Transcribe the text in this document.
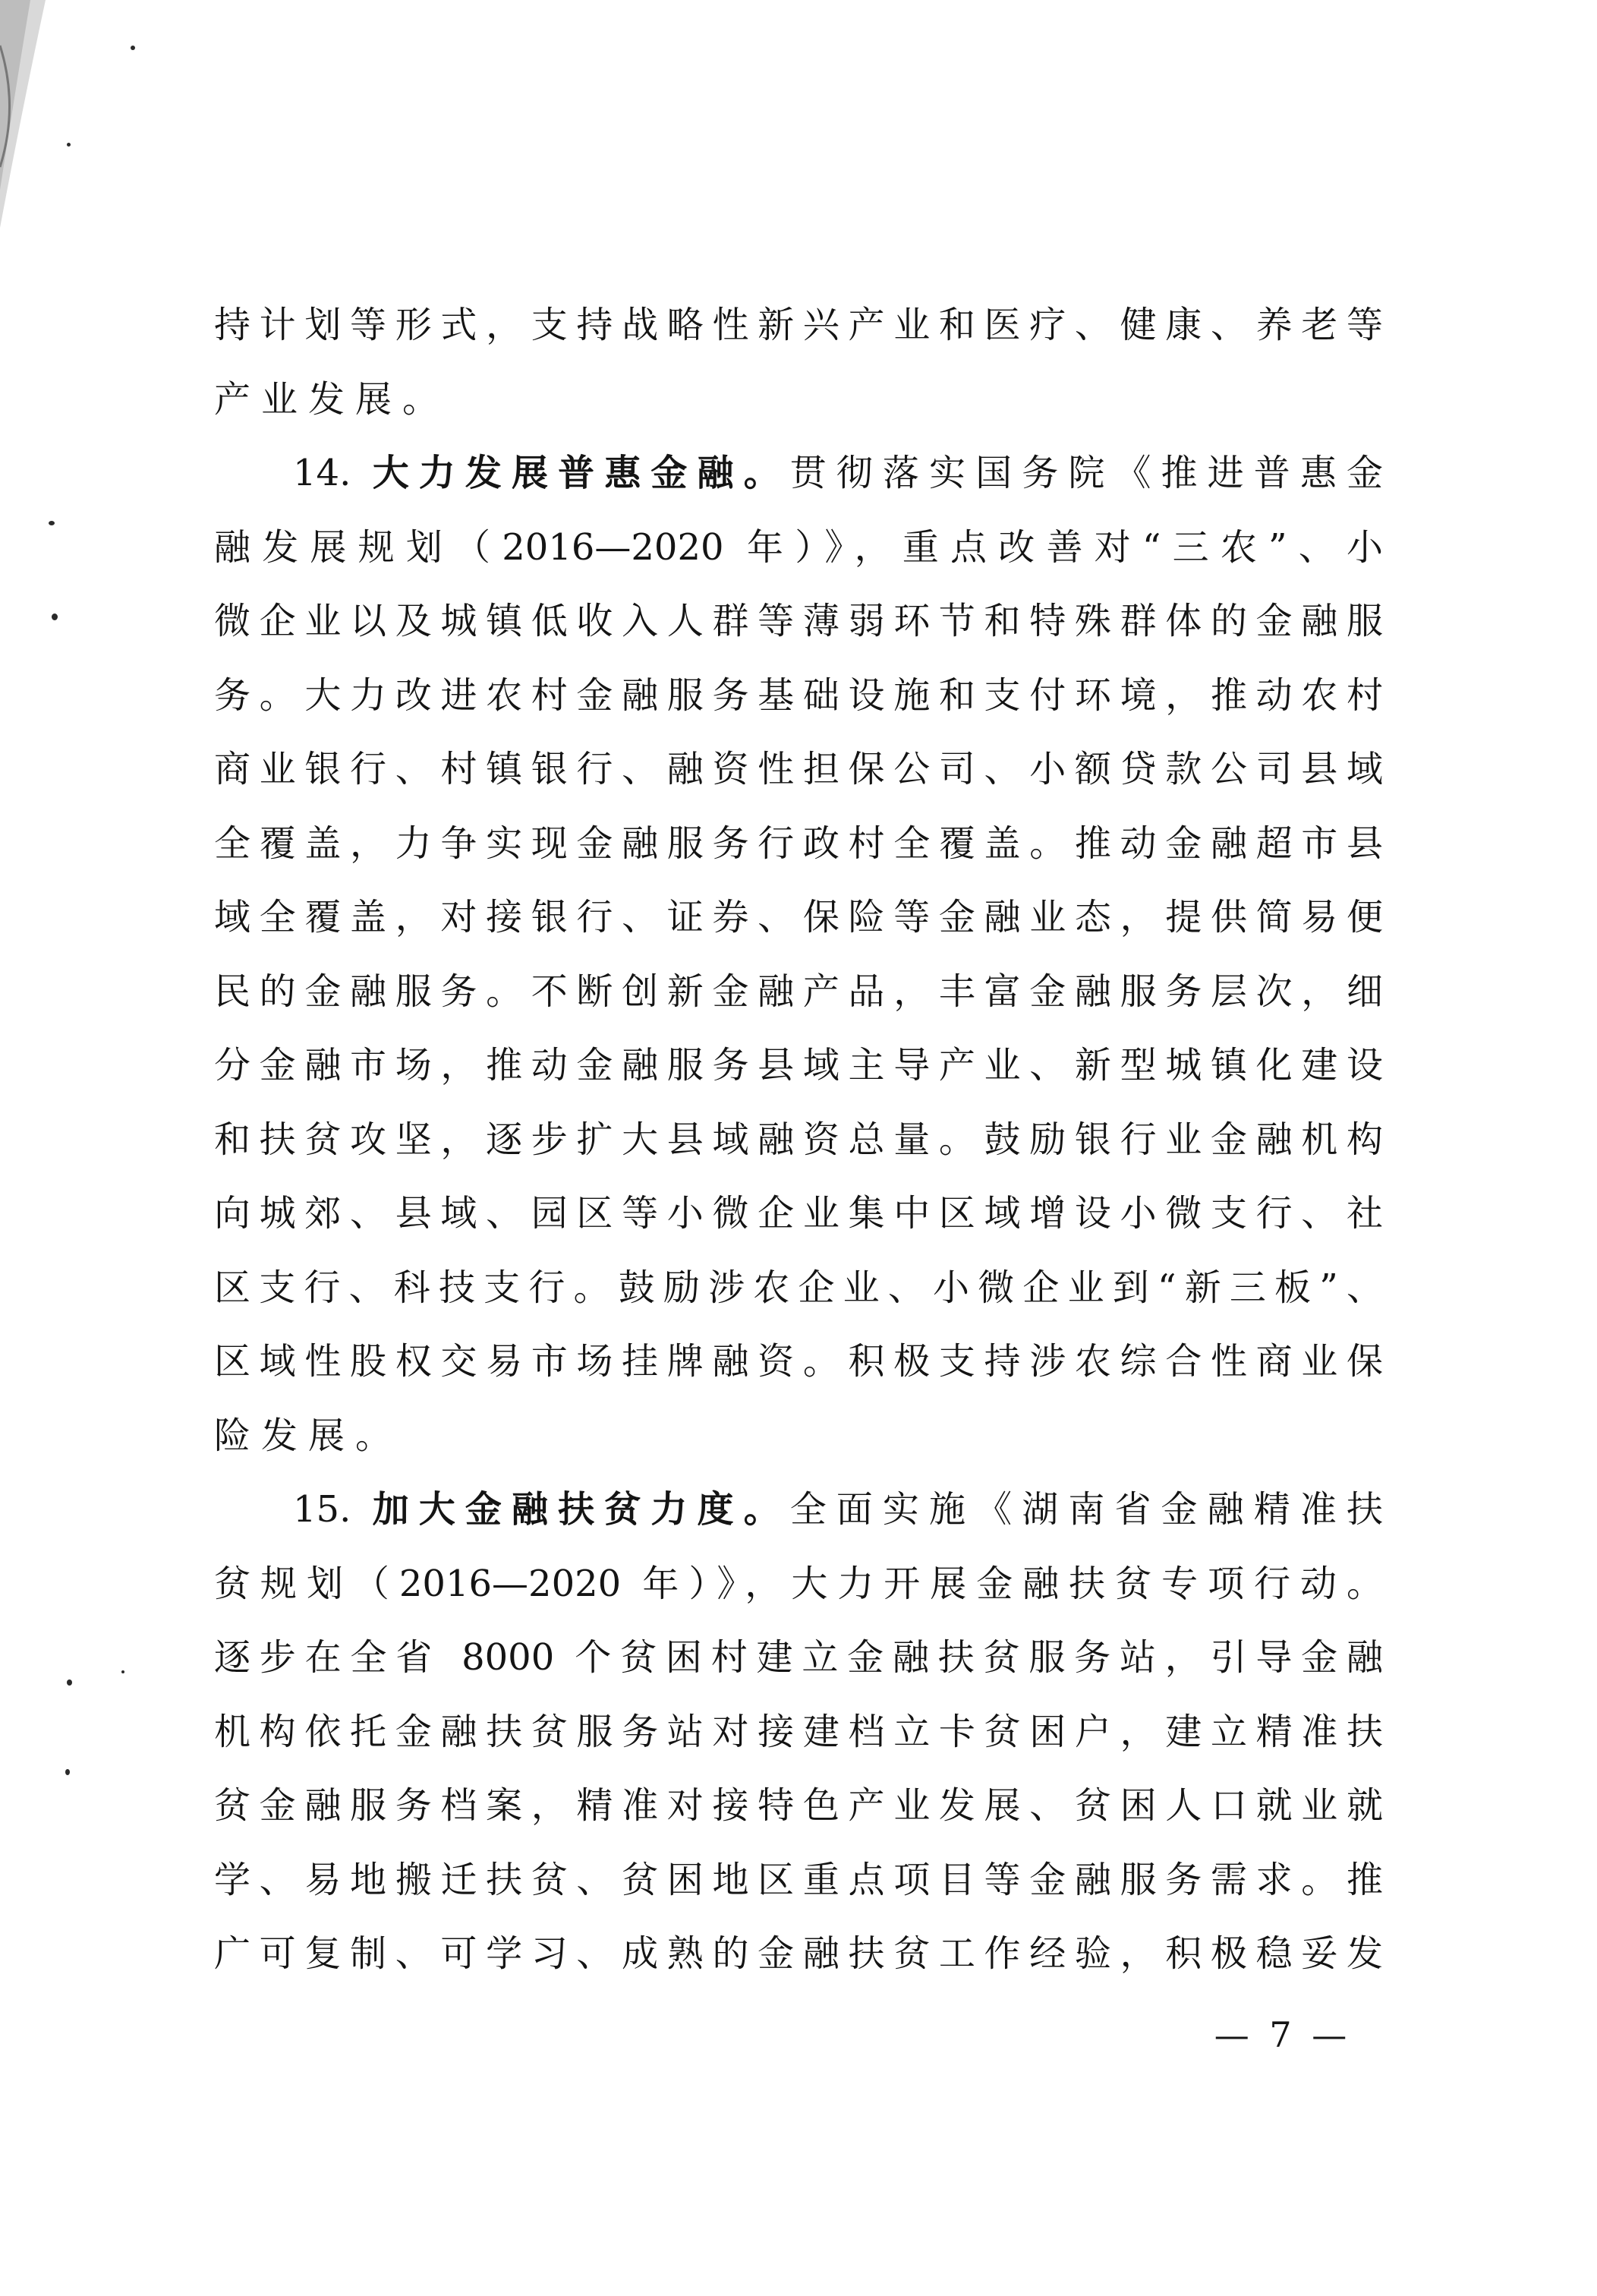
持计划等形式，支持战略性新兴产业和医疗、健康、养老等
产业发展。
14. 大力发展普惠金融。贯彻落实国务院《推进普惠金
融发展规划（2016—2020 年）》，重点改善对“三农”、小
微企业以及城镇低收入人群等薄弱环节和特殊群体的金融服
务。大力改进农村金融服务基础设施和支付环境，推动农村
商业银行、村镇银行、融资性担保公司、小额贷款公司县域
全覆盖，力争实现金融服务行政村全覆盖。推动金融超市县
域全覆盖，对接银行、证券、保险等金融业态，提供简易便
民的金融服务。不断创新金融产品，丰富金融服务层次，细
分金融市场，推动金融服务县域主导产业、新型城镇化建设
和扶贫攻坚，逐步扩大县域融资总量。鼓励银行业金融机构
向城郊、县域、园区等小微企业集中区域增设小微支行、社
区支行、科技支行。鼓励涉农企业、小微企业到“新三板”、
区域性股权交易市场挂牌融资。积极支持涉农综合性商业保
险发展。
15. 加大金融扶贫力度。全面实施《湖南省金融精准扶
贫规划（2016—2020 年）》，大力开展金融扶贫专项行动。
逐步在全省 8000 个贫困村建立金融扶贫服务站，引导金融
机构依托金融扶贫服务站对接建档立卡贫困户，建立精准扶
贫金融服务档案，精准对接特色产业发展、贫困人口就业就
学、易地搬迁扶贫、贫困地区重点项目等金融服务需求。推
广可复制、可学习、成熟的金融扶贫工作经验，积极稳妥发
— 7 —
